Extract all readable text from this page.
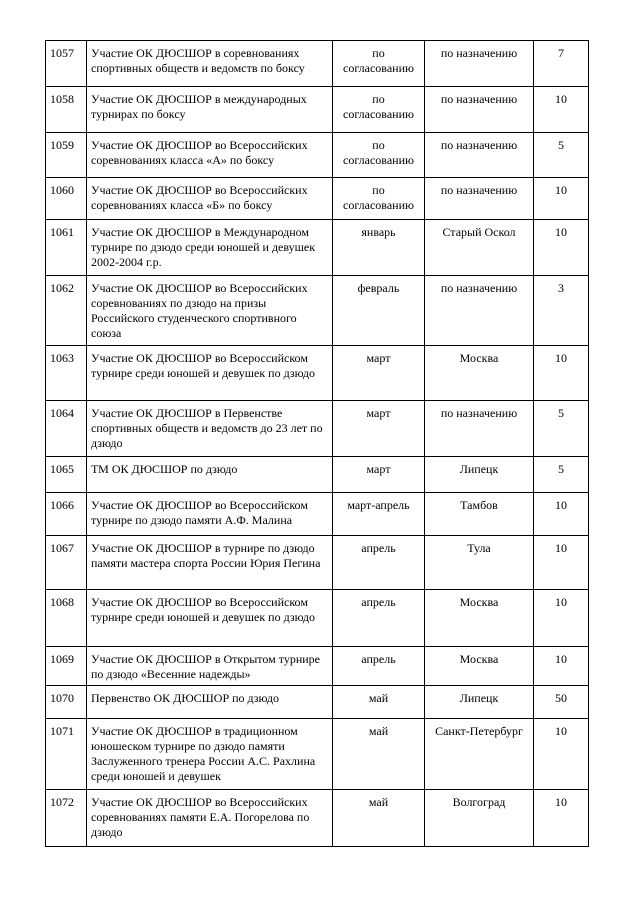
1057	Участие ОК ДЮСШОР в соревнованиях спортивных обществ и ведомств по боксу	по согласованию	по назначению	7
1058	Участие ОК ДЮСШОР в международных турнирах по боксу	по согласованию	по назначению	10
1059	Участие ОК ДЮСШОР во Всероссийских соревнованиях класса «А» по боксу	по согласованию	по назначению	5
1060	Участие ОК ДЮСШОР во Всероссийских соревнованиях класса «Б» по боксу	по согласованию	по назначению	10
1061	Участие ОК ДЮСШОР в Международном турнире по дзюдо среди юношей и девушек 2002-2004 г.р.	январь	Старый Оскол	10
1062	Участие ОК ДЮСШОР во Всероссийских соревнованиях по дзюдо на призы Российского студенческого спортивного союза	февраль	по назначению	3
1063	Участие ОК ДЮСШОР во Всероссийском турнире среди юношей и девушек по дзюдо	март	Москва	10
1064	Участие ОК ДЮСШОР в Первенстве спортивных обществ и ведомств до 23 лет по дзюдо	март	по назначению	5
1065	ТМ ОК ДЮСШОР по дзюдо	март	Липецк	5
1066	Участие ОК ДЮСШОР во Всероссийском турнире по дзюдо памяти А.Ф. Малина	март-апрель	Тамбов	10
1067	Участие ОК ДЮСШОР в турнире по дзюдо памяти мастера спорта России Юрия Пегина	апрель	Тула	10
1068	Участие ОК ДЮСШОР во Всероссийском турнире среди юношей и девушек по дзюдо	апрель	Москва	10
1069	Участие ОК ДЮСШОР в Открытом турнире по дзюдо «Весенние надежды»	апрель	Москва	10
1070	Первенство ОК ДЮСШОР по дзюдо	май	Липецк	50
1071	Участие ОК ДЮСШОР в традиционном юношеском турнире по дзюдо памяти Заслуженного тренера России А.С. Рахлина среди юношей и девушек	май	Санкт-Петербург	10
1072	Участие ОК ДЮСШОР во Всероссийских соревнованиях памяти Е.А. Погорелова по дзюдо	май	Волгоград	10
